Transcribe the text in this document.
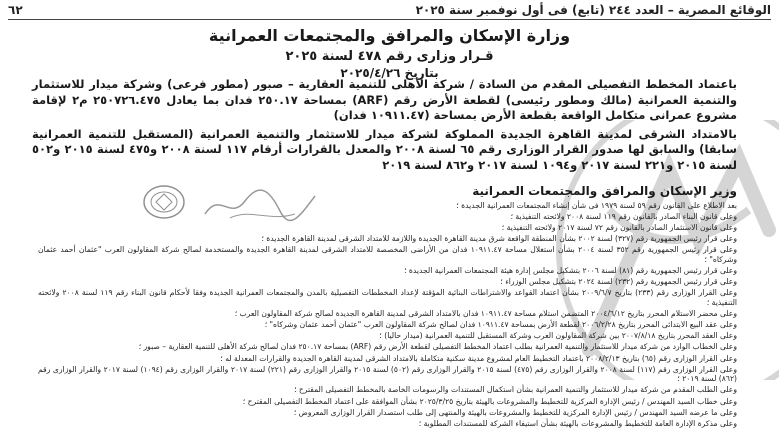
الوقائع المصرية – العدد ٢٤٤ (تابع) فى أول نوفمبر سنة ٢٠٢٥
٦٢
وزارة الإسكان والمرافق والمجتمعات العمرانية
قـرار وزارى رقم ٤٧٨ لسنة ٢٠٢٥
بتاريخ ٢٠٢٥/٤/٢٦

باعتماد المخطط التفصيلى المقدم من السادة / شركة الأهلى للتنمية العقارية – صبور (مطور فرعى) وشركة ميدار للاستثمار والتنمية العمرانية (مالك ومطور رئيسى) لقطعة الأرض رقم (ARF) بمساحة ٢٥٠.١٧ فدان بما يعادل ٢٥٠٧٢٦.٤٧٥ م٢ لإقامة مشروع عمرانى متكامل الواقعة بقطعة الأرض بمساحة (١٠٩١١.٤٧ فدان)

بالامتداد الشرقى لمدينة القاهرة الجديدة المملوكة لشركة ميدار للاستثمار والتنمية العمرانية (المستقبل للتنمية العمرانية سابقا) والسابق لها صدور القرار الوزارى رقم ٦٥ لسنة ٢٠٠٨ والمعدل بالقرارات أرقام ١١٧ لسنة ٢٠٠٨ و٤٧٥ لسنة ٢٠١٥ و٥٠٢ لسنة ٢٠١٥ و٢٢١ لسنة ٢٠١٧ و١٠٩٤ لسنة ٢٠١٧ و٨٦٢ لسنة ٢٠١٩

وزير الإسكان والمرافق والمجتمعات العمرانية

بعد الاطلاع على القانون رقم ٥٩ لسنة ١٩٧٩ فى شأن إنشاء المجتمعات العمرانية الجديدة ؛

وعلى قانون البناء الصادر بالقانون رقم ١١٩ لسنة ٢٠٠٨ ولائحته التنفيذية ؛

وعلى قانون الاستثمار الصادر بالقانون رقم ٧٢ لسنة ٢٠١٧ ولائحته التنفيذية ؛

وعلى قرار رئيس الجمهورية رقم (٣٢٧) لسنة ٢٠٠٢ بشأن المنطقة الواقعة شرق مدينة القاهرة الجديدة واللازمة للامتداد الشرقى لمدينة القاهرة الجديدة ؛

وعلى قرار رئيس الجمهورية رقم ٣٥٢ لسنة ٢٠٠٤ بشأن استغلال مساحة ١٠٩١١.٤٧ فدان من الأراضى المخصصة للامتداد الشرقى لمدينة القاهرة الجديدة والمستخدمة لصالح شركة المقاولون العرب "عثمان أحمد عثمان وشركاه" ؛

وعلى قرار رئيس الجمهورية رقم (٨١) لسنة ٢٠٠٦ بتشكيل مجلس إدارة هيئة المجتمعات العمرانية الجديدة ؛

وعلى قرار رئيس الجمهورية رقم (٢٣٢) لسنة ٢٠٢٤ بتشكيل مجلس الوزراء ؛

وعلى القرار الوزارى رقم (٢٣٣) بتاريخ ٢٠٠٩/٦/٧ بشأن اعتماد القواعد والاشتراطات البنائية المؤقتة لإعداد المخططات التفصيلية بالمدن والمجتمعات العمرانية الجديدة وفقا لأحكام قانون البناء رقم ١١٩ لسنة ٢٠٠٨ ولائحته التنفيذية ؛

وعلى محضر الاستلام المحرر بتاريخ ٢٠٠٤/٦/١٢ المتضمن استلام مساحة ١٠٩١١.٤٧ فدان بالامتداد الشرقى لمدينة القاهرة الجديدة لصالح شركة المقاولون العرب ؛

وعلى عقد البيع الابتدائى المحرر بتاريخ ٢٠٠٦/٢/٢٨ لقطعة الأرض بمساحة ١٠٩١١.٤٧ فدان لصالح شركة المقاولون العرب "عثمان أحمد عثمان وشركاه" ؛

وعلى العقد المحرر بتاريخ ٢٠٠٧/٨/١٨ بين شركة المقاولون العرب وشركة المستقبل للتنمية العمرانية (ميدار حاليا) ؛

وعلى الخطاب الوارد من شركة ميدار للاستثمار والتنمية العمرانية بطلب اعتماد المخطط التفصيلى لقطعة الأرض رقم (ARF) بمساحة ٢٥٠.١٧ فدان لصالح شركة الأهلى للتنمية العقارية – صبور ؛

وعلى القرار الوزارى رقم (٦٥) بتاريخ ٢٠٠٨/٢/١٣ باعتماد التخطيط العام لمشروع مدينة سكنية متكاملة بالامتداد الشرقى لمدينة القاهرة الجديدة والقرارات المعدلة له ؛

وعلى القرار الوزارى رقم (١١٧) لسنة ٢٠٠٨ والقرار الوزارى رقم (٤٧٥) لسنة ٢٠١٥ والقرار الوزارى رقم (٥٠٢) لسنة ٢٠١٥ والقرار الوزارى رقم (٢٢١) لسنة ٢٠١٧ والقرار الوزارى رقم (١٠٩٤) لسنة ٢٠١٧ والقرار الوزارى رقم (٨٦٢) لسنة ٢٠١٩ ؛

وعلى الطلب المقدم من شركة ميدار للاستثمار والتنمية العمرانية بشأن استكمال المستندات والرسومات الخاصة بالمخطط التفصيلى المقترح ؛

وعلى خطاب السيد المهندس / رئيس الإدارة المركزية للتخطيط والمشروعات بالهيئة بتاريخ ٢٠٢٥/٣/٢٥ بشأن الموافقة على اعتماد المخطط التفصيلى المقترح ؛

وعلى ما عرضه السيد المهندس / رئيس الإدارة المركزية للتخطيط والمشروعات بالهيئة والمنتهى إلى طلب استصدار القرار الوزارى المعروض ؛

وعلى مذكرة الإدارة العامة للتخطيط والمشروعات بالهيئة بشأن استيفاء الشركة للمستندات المطلوبة ؛
